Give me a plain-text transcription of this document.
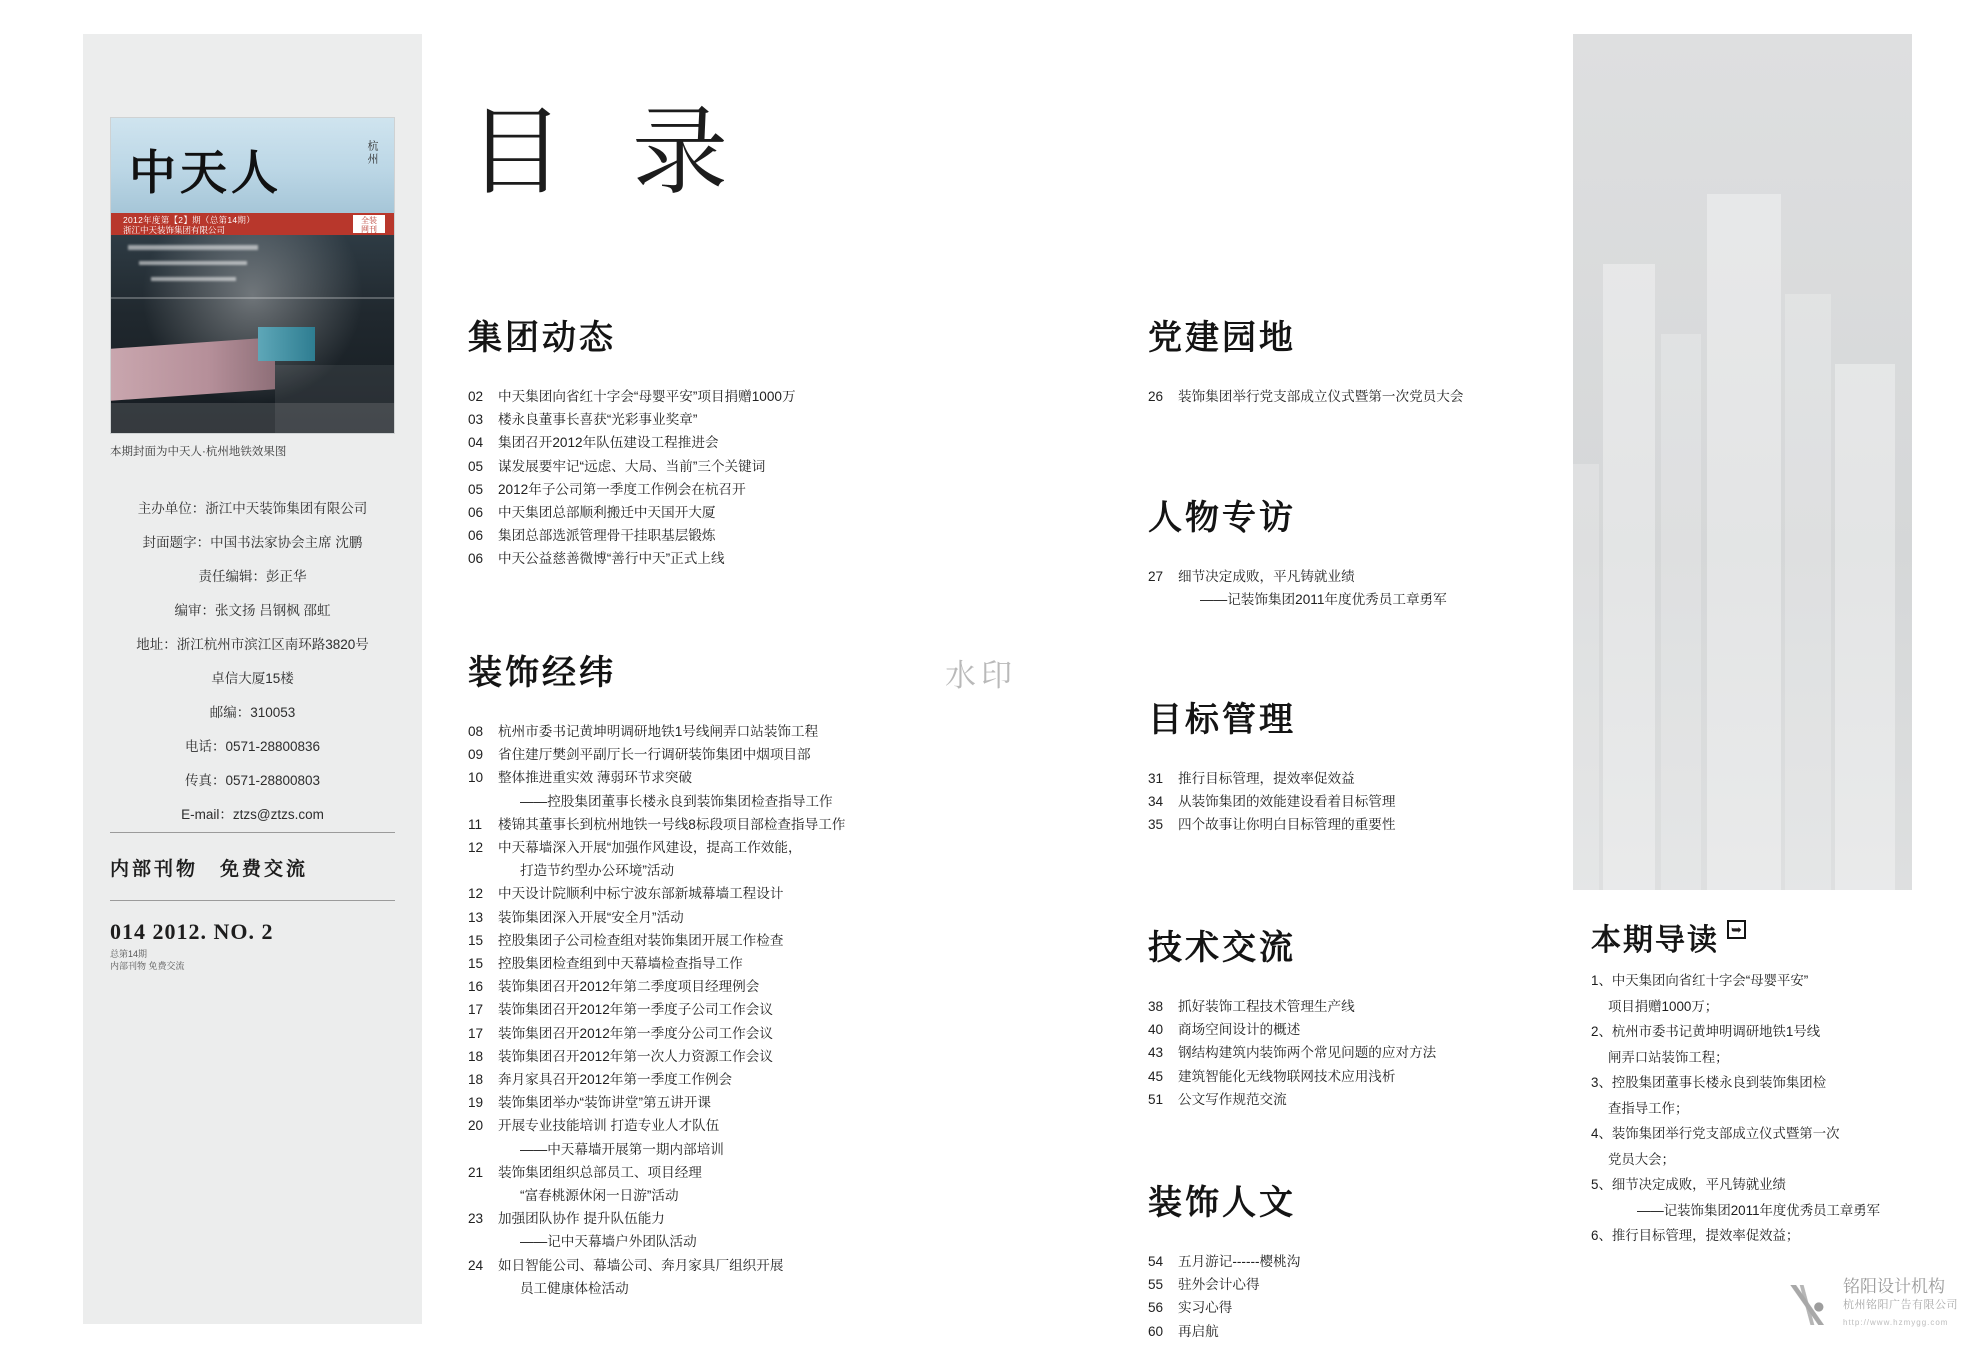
中天人	杭州
2012年度第【2】期（总第14期）
浙江中天装饰集团有限公司
全装
网刊
本期封面为中天人·杭州地铁效果图
主办单位：浙江中天装饰集团有限公司
封面题字：中国书法家协会主席 沈鹏
责任编辑：彭正华
编审：张文扬 吕钢枫 邵虹
地址：浙江杭州市滨江区南环路3820号
卓信大厦15楼
邮编：310053
电话：0571-28800836
传真：0571-28800803
E-mail：ztzs@ztzs.com
内部刊物　免费交流
014 2012. NO. 2
总第14期
内部刊物 免费交流
目 录
集团动态
02 中天集团向省红十字会“母婴平安”项目捐赠1000万
03 楼永良董事长喜获“光彩事业奖章”
04 集团召开2012年队伍建设工程推进会
05 谋发展要牢记“远虑、大局、当前”三个关键词
05 2012年子公司第一季度工作例会在杭召开
06 中天集团总部顺利搬迁中天国开大厦
06 集团总部选派管理骨干挂职基层锻炼
06 中天公益慈善微博“善行中天”正式上线
装饰经纬
08 杭州市委书记黄坤明调研地铁1号线闸弄口站装饰工程
09 省住建厅樊剑平副厅长一行调研装饰集团中烟项目部
10 整体推进重实效 薄弱环节求突破
——控股集团董事长楼永良到装饰集团检查指导工作
11 楼锦其董事长到杭州地铁一号线8标段项目部检查指导工作
12 中天幕墙深入开展“加强作风建设，提高工作效能，
打造节约型办公环境”活动
12 中天设计院顺利中标宁波东部新城幕墙工程设计
13 装饰集团深入开展“安全月”活动
15 控股集团子公司检查组对装饰集团开展工作检查
15 控股集团检查组到中天幕墙检查指导工作
16 装饰集团召开2012年第二季度项目经理例会
17 装饰集团召开2012年第一季度子公司工作会议
17 装饰集团召开2012年第一季度分公司工作会议
18 装饰集团召开2012年第一次人力资源工作会议
18 奔月家具召开2012年第一季度工作例会
19 装饰集团举办“装饰讲堂”第五讲开课
20 开展专业技能培训 打造专业人才队伍
——中天幕墙开展第一期内部培训
21 装饰集团组织总部员工、项目经理
“富春桃源休闲一日游”活动
23 加强团队协作 提升队伍能力
——记中天幕墙户外团队活动
24 如日智能公司、幕墙公司、奔月家具厂组织开展
员工健康体检活动
党建园地
26 装饰集团举行党支部成立仪式暨第一次党员大会
人物专访
27 细节决定成败，平凡铸就业绩
——记装饰集团2011年度优秀员工章勇军
目标管理
31 推行目标管理，提效率促效益
34 从装饰集团的效能建设看着目标管理
35 四个故事让你明白目标管理的重要性
技术交流
38 抓好装饰工程技术管理生产线
40 商场空间设计的概述
43 钢结构建筑内装饰两个常见问题的应对方法
45 建筑智能化无线物联网技术应用浅析
51 公文写作规范交流
装饰人文
54 五月游记------樱桃沟
55 驻外会计心得
56 实习心得
60 再启航
本期导读 ➥
1、中天集团向省红十字会“母婴平安”
项目捐赠1000万；
2、杭州市委书记黄坤明调研地铁1号线
闸弄口站装饰工程；
3、控股集团董事长楼永良到装饰集团检
查指导工作；
4、装饰集团举行党支部成立仪式暨第一次
党员大会；
5、细节决定成败，平凡铸就业绩
——记装饰集团2011年度优秀员工章勇军
6、推行目标管理，提效率促效益；
水印
铭阳设计机构
杭州铭阳广告有限公司
http://www.hzmygg.com
